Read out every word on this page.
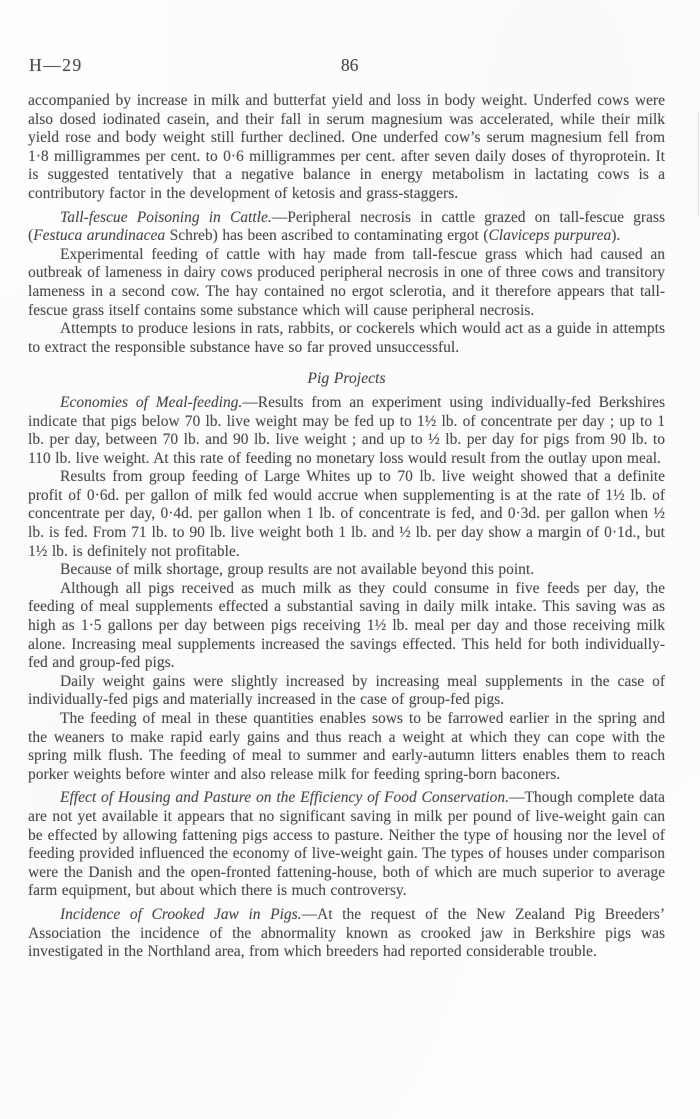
H—29	86

accompanied by increase in milk and butterfat yield and loss in body weight. Underfed cows were also dosed iodinated casein, and their fall in serum magnesium was accelerated, while their milk yield rose and body weight still further declined. One underfed cow’s serum magnesium fell from 1·8 milligrammes per cent. to 0·6 milligrammes per cent. after seven daily doses of thyroprotein. It is suggested tentatively that a negative balance in energy metabolism in lactating cows is a contributory factor in the development of ketosis and grass-staggers.

Tall-fescue Poisoning in Cattle.—Peripheral necrosis in cattle grazed on tall-fescue grass (Festuca arundinacea Schreb) has been ascribed to contaminating ergot (Claviceps purpurea).

Experimental feeding of cattle with hay made from tall-fescue grass which had caused an outbreak of lameness in dairy cows produced peripheral necrosis in one of three cows and transitory lameness in a second cow. The hay contained no ergot sclerotia, and it therefore appears that tall-fescue grass itself contains some substance which will cause peripheral necrosis.

Attempts to produce lesions in rats, rabbits, or cockerels which would act as a guide in attempts to extract the responsible substance have so far proved unsuccessful.

Pig Projects

Economies of Meal-feeding.—Results from an experiment using individually-fed Berkshires indicate that pigs below 70 lb. live weight may be fed up to 1½ lb. of concentrate per day ; up to 1 lb. per day, between 70 lb. and 90 lb. live weight ; and up to ½ lb. per day for pigs from 90 lb. to 110 lb. live weight. At this rate of feeding no monetary loss would result from the outlay upon meal.

Results from group feeding of Large Whites up to 70 lb. live weight showed that a definite profit of 0·6d. per gallon of milk fed would accrue when supplementing is at the rate of 1½ lb. of concentrate per day, 0·4d. per gallon when 1 lb. of concentrate is fed, and 0·3d. per gallon when ½ lb. is fed. From 71 lb. to 90 lb. live weight both 1 lb. and ½ lb. per day show a margin of 0·1d., but 1½ lb. is definitely not profitable.

Because of milk shortage, group results are not available beyond this point.

Although all pigs received as much milk as they could consume in five feeds per day, the feeding of meal supplements effected a substantial saving in daily milk intake. This saving was as high as 1·5 gallons per day between pigs receiving 1½ lb. meal per day and those receiving milk alone. Increasing meal supplements increased the savings effected. This held for both individually-fed and group-fed pigs.

Daily weight gains were slightly increased by increasing meal supplements in the case of individually-fed pigs and materially increased in the case of group-fed pigs.

The feeding of meal in these quantities enables sows to be farrowed earlier in the spring and the weaners to make rapid early gains and thus reach a weight at which they can cope with the spring milk flush. The feeding of meal to summer and early-autumn litters enables them to reach porker weights before winter and also release milk for feeding spring-born baconers.

Effect of Housing and Pasture on the Efficiency of Food Conservation.—Though complete data are not yet available it appears that no significant saving in milk per pound of live-weight gain can be effected by allowing fattening pigs access to pasture. Neither the type of housing nor the level of feeding provided influenced the economy of live-weight gain. The types of houses under comparison were the Danish and the open-fronted fattening-house, both of which are much superior to average farm equipment, but about which there is much controversy.

Incidence of Crooked Jaw in Pigs.—At the request of the New Zealand Pig Breeders’ Association the incidence of the abnormality known as crooked jaw in Berkshire pigs was investigated in the Northland area, from which breeders had reported considerable trouble.
